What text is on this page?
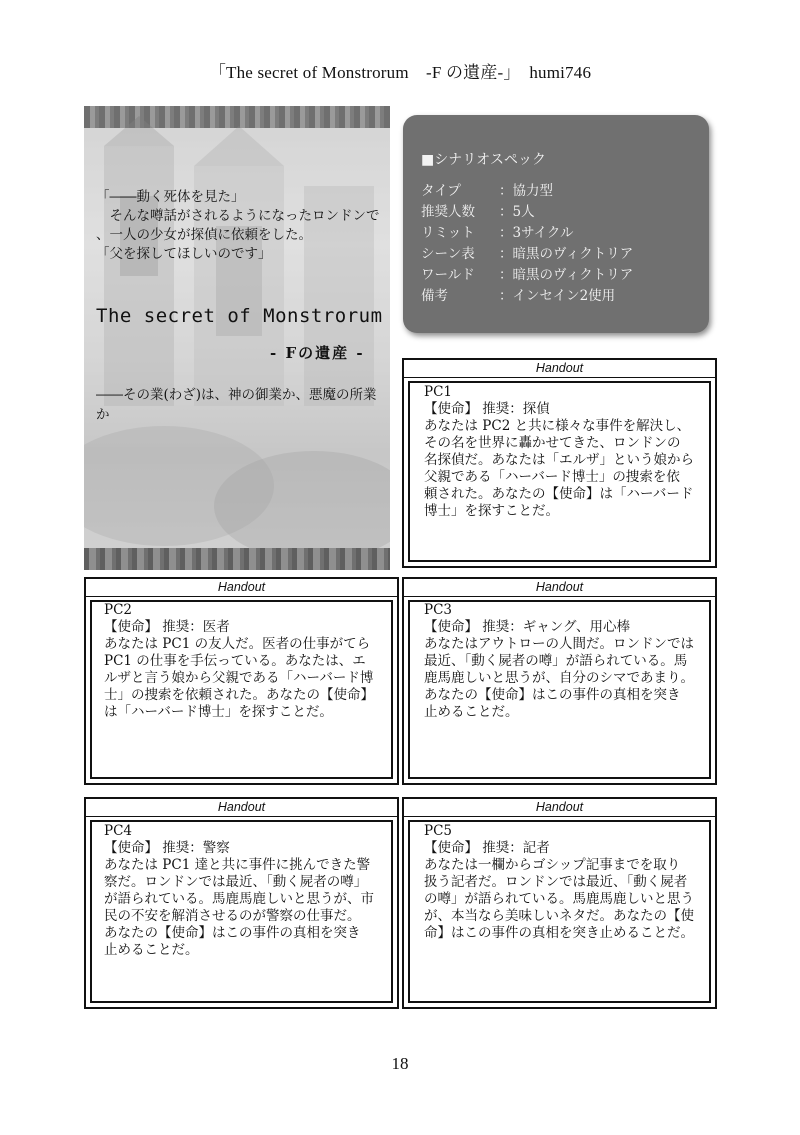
「The secret of Monstrorum　-F の遺産-」　humi746

「――動く死体を見た」

　そんな噂話がされるようになったロンドンで

、一人の少女が探偵に依頼をした。

「父を探してほしいのです」

The secret of Monstrorum
- Fの遺産 -
――その業(わざ)は、神の御業か、悪魔の所業か
■シナリオスペック
タイプ	：協力型
推奨人数 ：5人
リミット ：3サイクル
シーン表 ：暗黒のヴィクトリア
ワールド ：暗黒のヴィクトリア
備考	：インセイン2使用
Handout
PC1
【使命】 推奨：探偵
あなたは PC2 と共に様々な事件を解決し、
その名を世界に轟かせてきた、ロンドンの
名探偵だ。あなたは「エルザ」という娘から
父親である「ハーバード博士」の捜索を依
頼された。あなたの【使命】は「ハーバード
博士」を探すことだ。
Handout
PC2
【使命】 推奨：医者
あなたは PC1 の友人だ。医者の仕事がてら
PC1 の仕事を手伝っている。あなたは、エ
ルザと言う娘から父親である「ハーバード博
士」の捜索を依頼された。あなたの【使命】
は「ハーバード博士」を探すことだ。
Handout
PC3
【使命】 推奨：ギャング、用心棒
あなたはアウトローの人間だ。ロンドンでは
最近、「動く屍者の噂」が語られている。馬
鹿馬鹿しいと思うが、自分のシマであまり。
あなたの【使命】はこの事件の真相を突き
止めることだ。
Handout
PC4
【使命】 推奨：警察
あなたは PC1 達と共に事件に挑んできた警
察だ。ロンドンでは最近、「動く屍者の噂」
が語られている。馬鹿馬鹿しいと思うが、市
民の不安を解消させるのが警察の仕事だ。
あなたの【使命】はこの事件の真相を突き
止めることだ。
Handout
PC5
【使命】 推奨：記者
あなたは一欄からゴシップ記事までを取り
扱う記者だ。ロンドンでは最近、「動く屍者
の噂」が語られている。馬鹿馬鹿しいと思う
が、本当なら美味しいネタだ。あなたの【使
命】はこの事件の真相を突き止めることだ。
18
